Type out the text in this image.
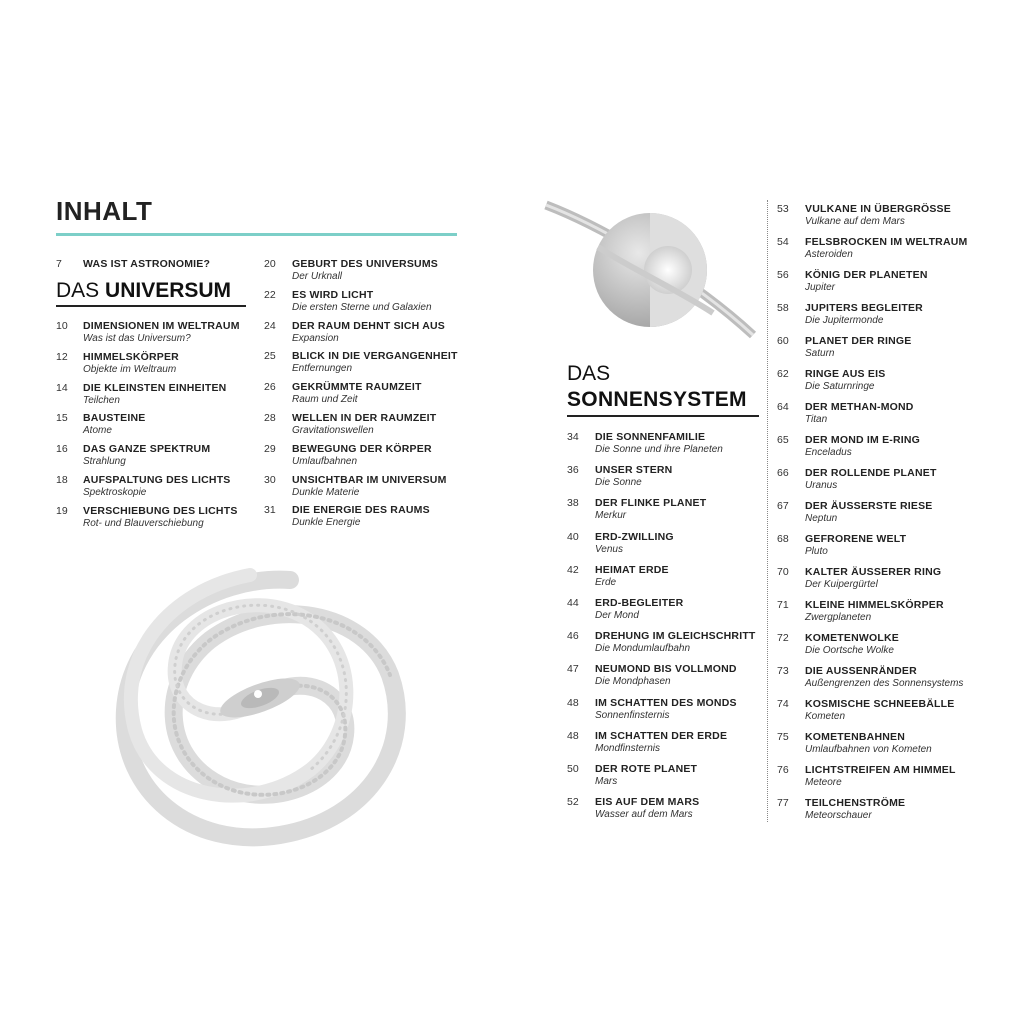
INHALT
7 WAS IST ASTRONOMIE?
DAS UNIVERSUM
10 DIMENSIONEN IM WELTRAUM
Was ist das Universum?
12 HIMMELSKÖRPER
Objekte im Weltraum
14 DIE KLEINSTEN EINHEITEN
Teilchen
15 BAUSTEINE
Atome
16 DAS GANZE SPEKTRUM
Strahlung
18 AUFSPALTUNG DES LICHTS
Spektroskopie
19 VERSCHIEBUNG DES LICHTS
Rot- und Blauverschiebung
20 GEBURT DES UNIVERSUMS
Der Urknall
22 ES WIRD LICHT
Die ersten Sterne und Galaxien
24 DER RAUM DEHNT SICH AUS
Expansion
25 BLICK IN DIE VERGANGENHEIT
Entfernungen
26 GEKRÜMMTE RAUMZEIT
Raum und Zeit
28 WELLEN IN DER RAUMZEIT
Gravitationswellen
29 BEWEGUNG DER KÖRPER
Umlaufbahnen
30 UNSICHTBAR IM UNIVERSUM
Dunkle Materie
31 DIE ENERGIE DES RAUMS
Dunkle Energie
DAS
SONNENSYSTEM
34 DIE SONNENFAMILIE
Die Sonne und ihre Planeten
36 UNSER STERN
Die Sonne
38 DER FLINKE PLANET
Merkur
40 ERD-ZWILLING
Venus
42 HEIMAT ERDE
Erde
44 ERD-BEGLEITER
Der Mond
46 DREHUNG IM GLEICHSCHRITT
Die Mondumlaufbahn
47 NEUMOND BIS VOLLMOND
Die Mondphasen
48 IM SCHATTEN DES MONDS
Sonnenfinsternis
48 IM SCHATTEN DER ERDE
Mondfinsternis
50 DER ROTE PLANET
Mars
52 EIS AUF DEM MARS
Wasser auf dem Mars
53 VULKANE IN ÜBERGRÖSSE
Vulkane auf dem Mars
54 FELSBROCKEN IM WELTRAUM
Asteroiden
56 KÖNIG DER PLANETEN
Jupiter
58 JUPITERS BEGLEITER
Die Jupitermonde
60 PLANET DER RINGE
Saturn
62 RINGE AUS EIS
Die Saturnringe
64 DER METHAN-MOND
Titan
65 DER MOND IM E-RING
Enceladus
66 DER ROLLENDE PLANET
Uranus
67 DER ÄUSSERSTE RIESE
Neptun
68 GEFRORENE WELT
Pluto
70 KALTER ÄUSSERER RING
Der Kuipergürtel
71 KLEINE HIMMELSKÖRPER
Zwergplaneten
72 KOMETENWOLKE
Die Oortsche Wolke
73 DIE AUSSENRÄNDER
Außengrenzen des Sonnensystems
74 KOSMISCHE SCHNEEBÄLLE
Kometen
75 KOMETENBAHNEN
Umlaufbahnen von Kometen
76 LICHTSTREIFEN AM HIMMEL
Meteore
77 TEILCHENSTRÖME
Meteorschauer
